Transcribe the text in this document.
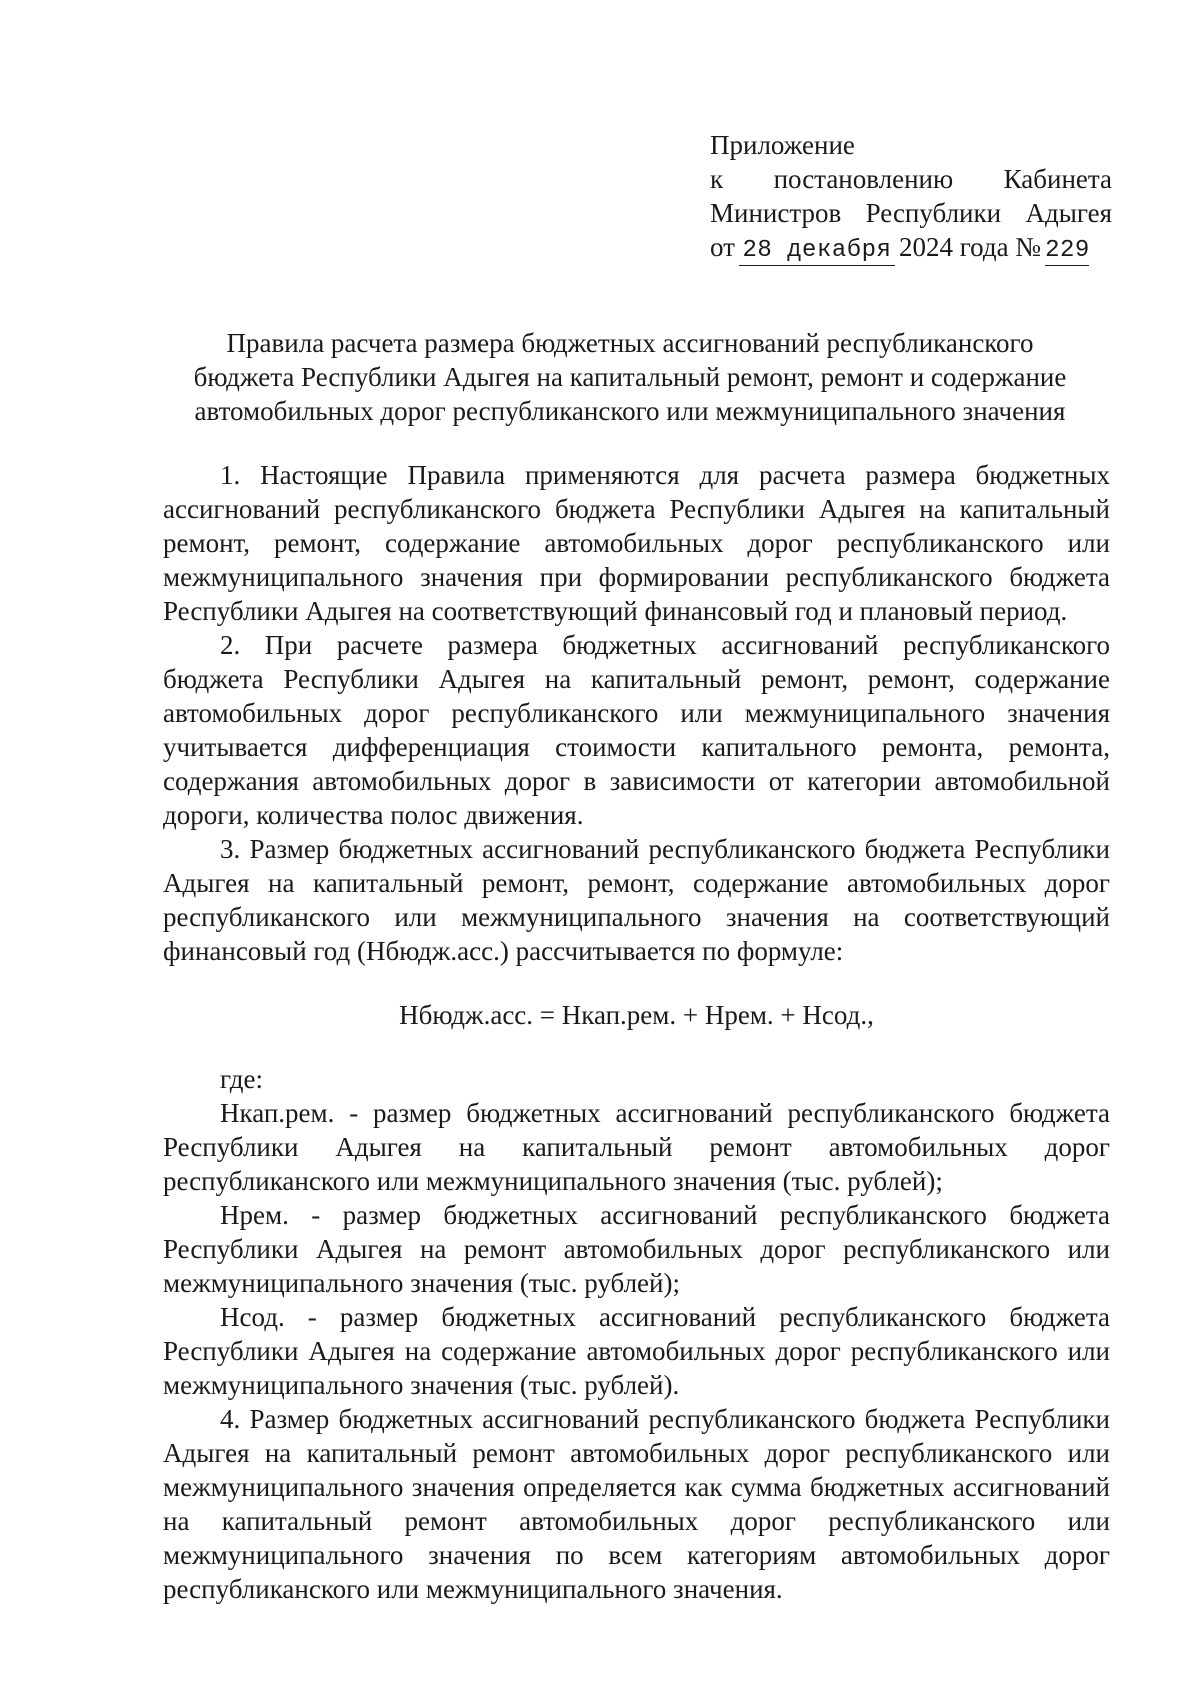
Приложение
к постановлению Кабинета
Министров Республики Адыгея
от 28 декабря 2024 года № 229
Правила расчета размера бюджетных ассигнований республиканского
бюджета Республики Адыгея на капитальный ремонт, ремонт и содержание
автомобильных дорог республиканского или межмуниципального значения

1. Настоящие Правила применяются для расчета размера бюджетных ассигнований республиканского бюджета Республики Адыгея на капитальный ремонт, ремонт, содержание автомобильных дорог республиканского или межмуниципального значения при формировании республиканского бюджета Республики Адыгея на соответствующий финансовый год и плановый период.

2. При расчете размера бюджетных ассигнований республиканского бюджета Республики Адыгея на капитальный ремонт, ремонт, содержание автомобильных дорог республиканского или межмуниципального значения учитывается дифференциация стоимости капитального ремонта, ремонта, содержания автомобильных дорог в зависимости от категории автомобильной дороги, количества полос движения.

3. Размер бюджетных ассигнований республиканского бюджета Республики Адыгея на капитальный ремонт, ремонт, содержание автомобильных дорог республиканского или межмуниципального значения на соответствующий финансовый год (Нбюдж.асс.) рассчитывается по формуле:

Нбюдж.асс. = Нкап.рем. + Нрем. + Нсод.,

где:

Нкап.рем. - размер бюджетных ассигнований республиканского бюджета Республики Адыгея на капитальный ремонт автомобильных дорог республиканского или межмуниципального значения (тыс. рублей);

Нрем. - размер бюджетных ассигнований республиканского бюджета Республики Адыгея на ремонт автомобильных дорог республиканского или межмуниципального значения (тыс. рублей);

Нсод. - размер бюджетных ассигнований республиканского бюджета Республики Адыгея на содержание автомобильных дорог республиканского или межмуниципального значения (тыс. рублей).

4. Размер бюджетных ассигнований республиканского бюджета Республики Адыгея на капитальный ремонт автомобильных дорог республиканского или межмуниципального значения определяется как сумма бюджетных ассигнований на капитальный ремонт автомобильных дорог республиканского или межмуниципального значения по всем категориям автомобильных дорог республиканского или межмуниципального значения.
